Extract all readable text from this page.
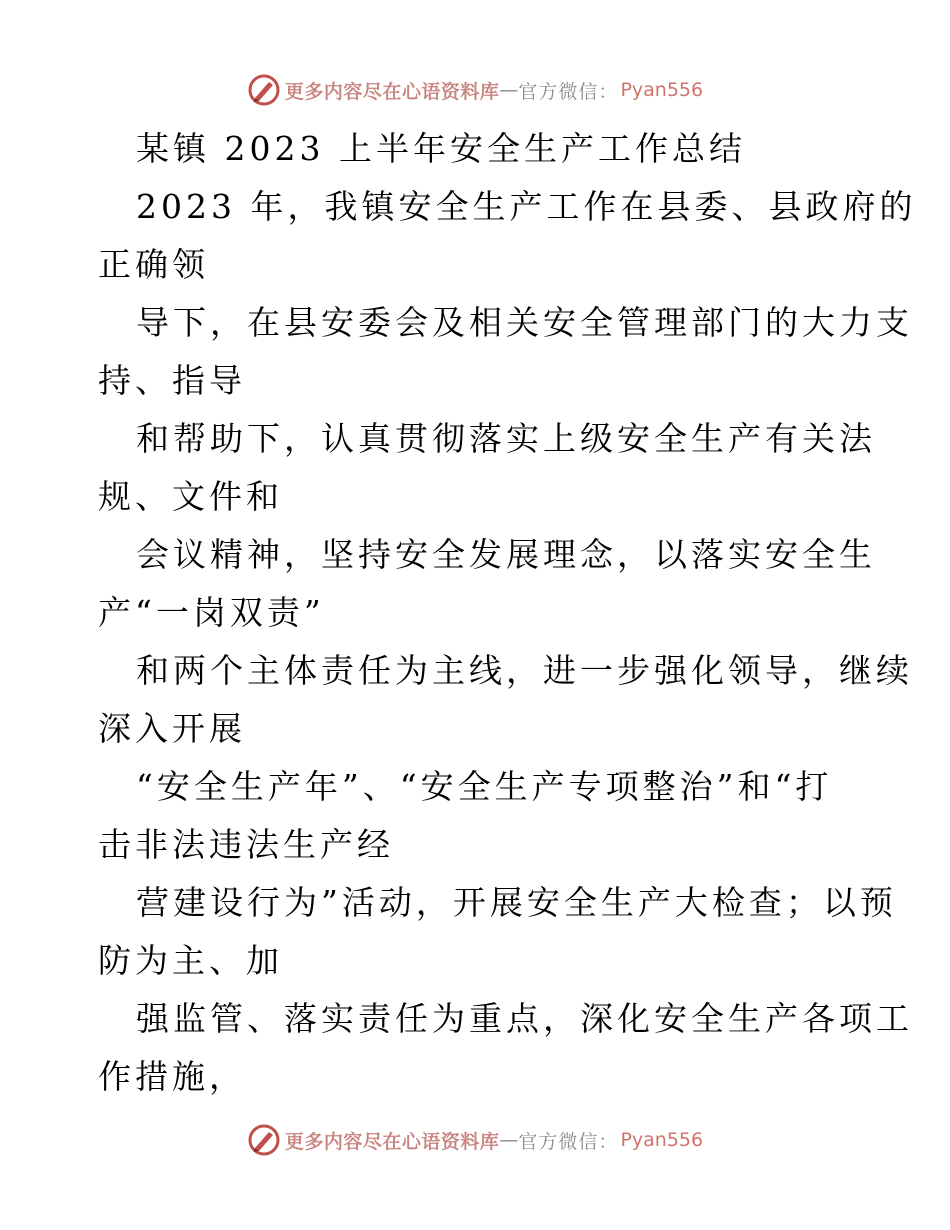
更多内容尽在心语资料库 — 官方微信： Pyan556
某镇 2023 上半年安全生产工作总结
2023 年，我镇安全生产工作在县委、县政府的
正确领
导下，在县安委会及相关安全管理部门的大力支
持、指导
和帮助下，认真贯彻落实上级安全生产有关法
规、文件和
会议精神，坚持安全发展理念，以落实安全生
产“一岗双责”
和两个主体责任为主线，进一步强化领导，继续
深入开展
“安全生产年”、“安全生产专项整治”和“打
击非法违法生产经
营建设行为”活动，开展安全生产大检查；以预
防为主、加
强监管、落实责任为重点，深化安全生产各项工
作措施，
更多内容尽在心语资料库 — 官方微信： Pyan556
